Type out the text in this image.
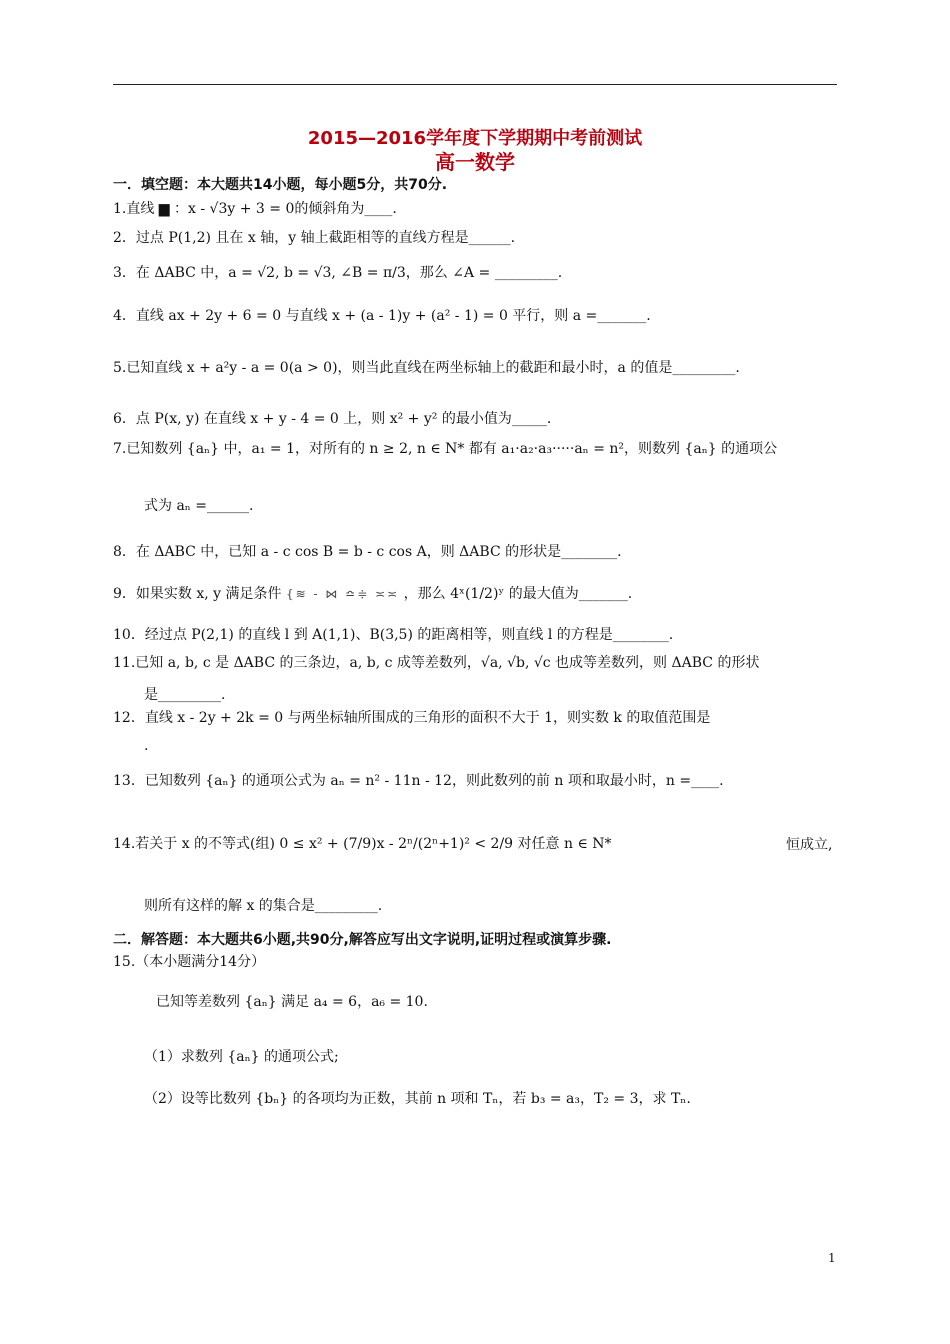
2015—2016学年度下学期期中考前测试
高一数学
一．填空题：本大题共14小题，每小题5分，共70分.
1.直线 ▆ ：x - √3y + 3 = 0的倾斜角为____.
2．过点 P(1,2) 且在 x 轴，y 轴上截距相等的直线方程是______.
3．在 ΔABC 中，a = √2, b = √3, ∠B = π/3，那么 ∠A = _________.
4．直线 ax + 2y + 6 = 0 与直线 x + (a - 1)y + (a² - 1) = 0 平行，则 a =_______.
5.已知直线 x + a²y - a = 0(a > 0)，则当此直线在两坐标轴上的截距和最小时，a 的值是_________.
6．点 P(x, y) 在直线 x + y - 4 = 0 上，则 x² + y² 的最小值为_____.
7.已知数列 {aₙ} 中，a₁ = 1，对所有的 n ≥ 2, n ∈ N* 都有 a₁·a₂·a₃·····aₙ = n²，则数列 {aₙ} 的通项公
式为 aₙ =______.
8．在 ΔABC 中，已知 a - c cos B = b - c cos A，则 ΔABC 的形状是________.
9．如果实数 x, y 满足条件 {≋ - ⋈ ≏≑ ≍≍ ，那么 4ˣ(1/2)ʸ 的最大值为_______.
10．经过点 P(2,1) 的直线 l 到 A(1,1)、B(3,5) 的距离相等，则直线 l 的方程是________.
11.已知 a, b, c 是 ΔABC 的三条边，a, b, c 成等差数列，√a, √b, √c 也成等差数列，则 ΔABC 的形状
是_________.
12．直线 x - 2y + 2k = 0 与两坐标轴所围成的三角形的面积不大于 1，则实数 k 的取值范围是
.
13．已知数列 {aₙ} 的通项公式为 aₙ = n² - 11n - 12，则此数列的前 n 项和取最小时，n =____.
14.若关于 x 的不等式(组) 0 ≤ x² + (7/9)x - 2ⁿ/(2ⁿ+1)² < 2/9 对任意 n ∈ N*	恒成立,
则所有这样的解 x 的集合是_________.
二．解答题：本大题共6小题,共90分,解答应写出文字说明,证明过程或演算步骤.
15.（本小题满分14分）
已知等差数列 {aₙ} 满足 a₄ = 6，a₆ = 10.
（1）求数列 {aₙ} 的通项公式;
（2）设等比数列 {bₙ} 的各项均为正数，其前 n 项和 Tₙ，若 b₃ = a₃，T₂ = 3，求 Tₙ.
1
